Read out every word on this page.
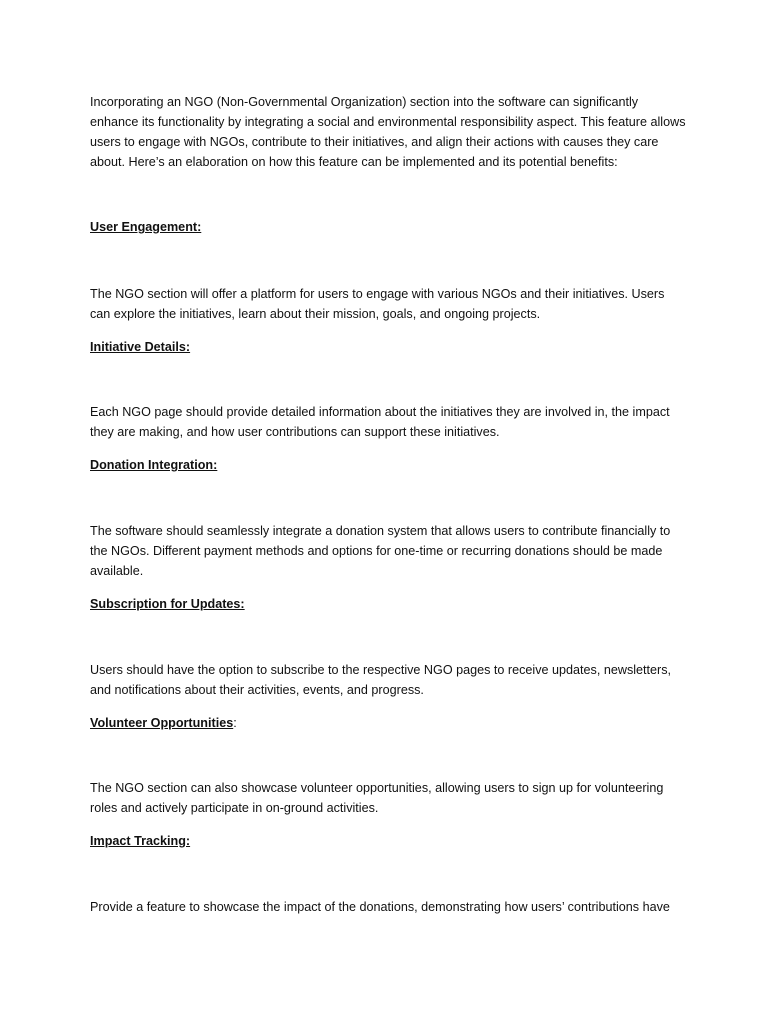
Incorporating an NGO (Non-Governmental Organization) section into the software can significantly enhance its functionality by integrating a social and environmental responsibility aspect. This feature allows users to engage with NGOs, contribute to their initiatives, and align their actions with causes they care about. Here’s an elaboration on how this feature can be implemented and its potential benefits:

User Engagement:

The NGO section will offer a platform for users to engage with various NGOs and their initiatives. Users can explore the initiatives, learn about their mission, goals, and ongoing projects.

Initiative Details:

Each NGO page should provide detailed information about the initiatives they are involved in, the impact they are making, and how user contributions can support these initiatives.

Donation Integration:

The software should seamlessly integrate a donation system that allows users to contribute financially to the NGOs. Different payment methods and options for one-time or recurring donations should be made available.

Subscription for Updates:

Users should have the option to subscribe to the respective NGO pages to receive updates, newsletters, and notifications about their activities, events, and progress.

Volunteer Opportunities:

The NGO section can also showcase volunteer opportunities, allowing users to sign up for volunteering roles and actively participate in on-ground activities.

Impact Tracking:

Provide a feature to showcase the impact of the donations, demonstrating how users’ contributions have
